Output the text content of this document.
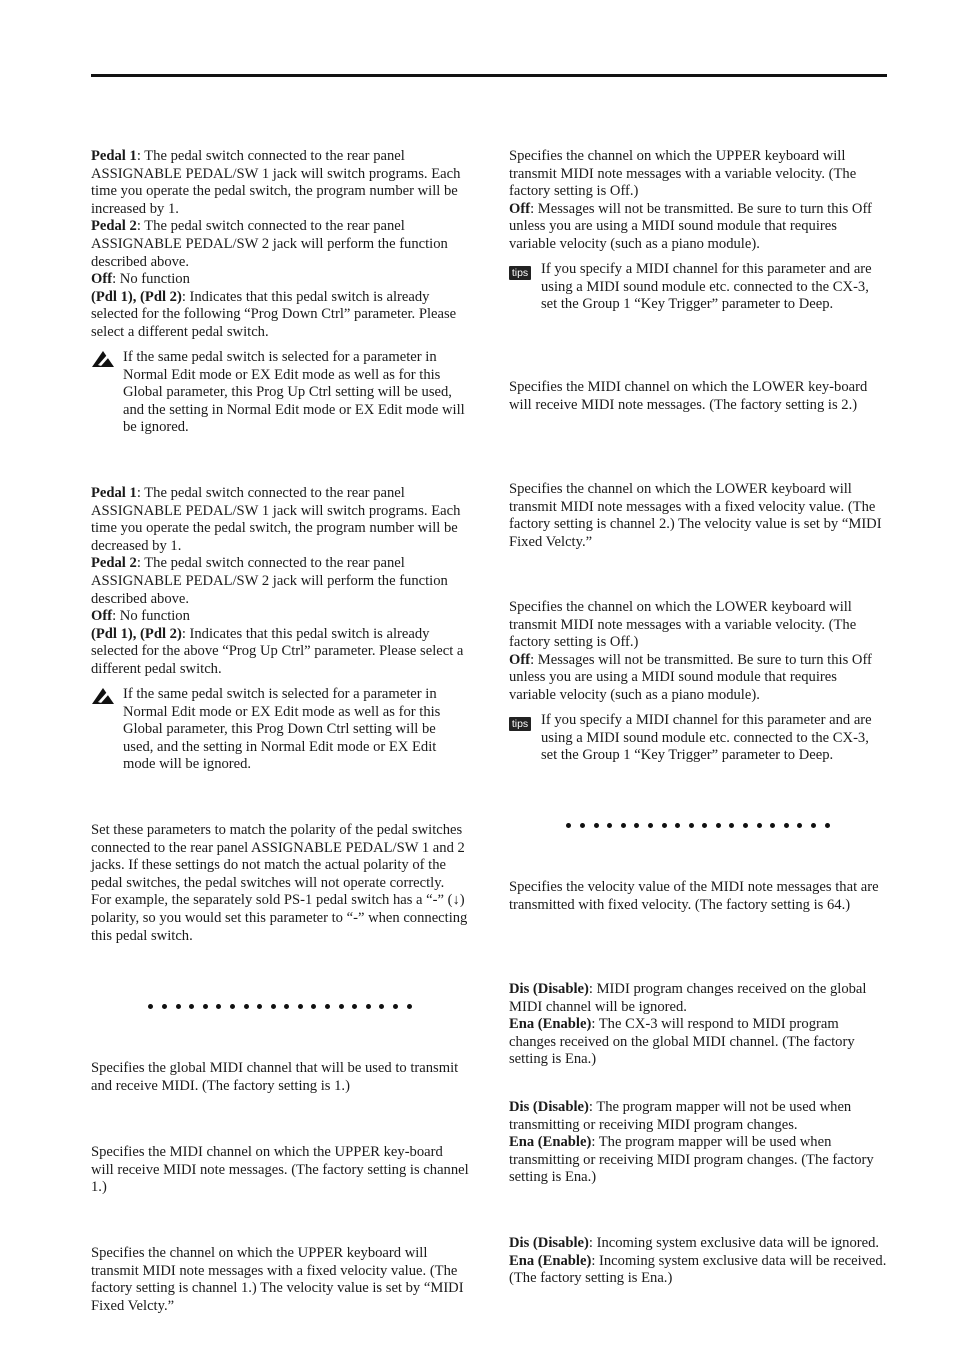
Pedal 1: The pedal switch connected to the rear panel ASSIGNABLE PEDAL/SW 1 jack will switch programs. Each time you operate the pedal switch, the program number will be increased by 1.

Pedal 2: The pedal switch connected to the rear panel ASSIGNABLE PEDAL/SW 2 jack will perform the function described above.

Off: No function

(Pdl 1), (Pdl 2): Indicates that this pedal switch is already selected for the following “Prog Down Ctrl” parameter. Please select a different pedal switch.

If the same pedal switch is selected for a parameter in Normal Edit mode or EX Edit mode as well as for this Global parameter, this Prog Up Ctrl setting will be used, and the setting in Normal Edit mode or EX Edit mode will be ignored.

Pedal 1: The pedal switch connected to the rear panel ASSIGNABLE PEDAL/SW 1 jack will switch programs. Each time you operate the pedal switch, the program number will be decreased by 1.

Pedal 2: The pedal switch connected to the rear panel ASSIGNABLE PEDAL/SW 2 jack will perform the function described above.

Off: No function

(Pdl 1), (Pdl 2): Indicates that this pedal switch is already selected for the above “Prog Up Ctrl” parameter. Please select a different pedal switch.

If the same pedal switch is selected for a parameter in Normal Edit mode or EX Edit mode as well as for this Global parameter, this Prog Down Ctrl setting will be used, and the setting in Normal Edit mode or EX Edit mode will be ignored.

Set these parameters to match the polarity of the pedal switches connected to the rear panel ASSIGNABLE PEDAL/SW 1 and 2 jacks. If these settings do not match the actual polarity of the pedal switches, the pedal switches will not operate correctly.

For example, the separately sold PS-1 pedal switch has a “-” (↓) polarity, so you would set this parameter to “-” when connecting this pedal switch.

Specifies the global MIDI channel that will be used to transmit and receive MIDI. (The factory setting is 1.)

Specifies the MIDI channel on which the UPPER key-board will receive MIDI note messages. (The factory setting is channel 1.)

Specifies the channel on which the UPPER keyboard will transmit MIDI note messages with a fixed velocity value. (The factory setting is channel 1.) The velocity value is set by “MIDI Fixed Velcty.”

Specifies the channel on which the UPPER keyboard will transmit MIDI note messages with a variable velocity. (The factory setting is Off.)

Off: Messages will not be transmitted. Be sure to turn this Off unless you are using a MIDI sound module that requires variable velocity (such as a piano module).

tips If you specify a MIDI channel for this parameter and are using a MIDI sound module etc. connected to the CX-3, set the Group 1 “Key Trigger” parameter to Deep.

Specifies the MIDI channel on which the LOWER key-board will receive MIDI note messages. (The factory setting is 2.)

Specifies the channel on which the LOWER keyboard will transmit MIDI note messages with a fixed velocity value. (The factory setting is channel 2.) The velocity value is set by “MIDI Fixed Velcty.”

Specifies the channel on which the LOWER keyboard will transmit MIDI note messages with a variable velocity. (The factory setting is Off.)

Off: Messages will not be transmitted. Be sure to turn this Off unless you are using a MIDI sound module that requires variable velocity (such as a piano module).

tips If you specify a MIDI channel for this parameter and are using a MIDI sound module etc. connected to the CX-3, set the Group 1 “Key Trigger” parameter to Deep.

Specifies the velocity value of the MIDI note messages that are transmitted with fixed velocity. (The factory setting is 64.)

Dis (Disable): MIDI program changes received on the global MIDI channel will be ignored.

Ena (Enable): The CX-3 will respond to MIDI program changes received on the global MIDI channel. (The factory setting is Ena.)

Dis (Disable): The program mapper will not be used when transmitting or receiving MIDI program changes.

Ena (Enable): The program mapper will be used when transmitting or receiving MIDI program changes. (The factory setting is Ena.)

Dis (Disable): Incoming system exclusive data will be ignored.

Ena (Enable): Incoming system exclusive data will be received. (The factory setting is Ena.)
